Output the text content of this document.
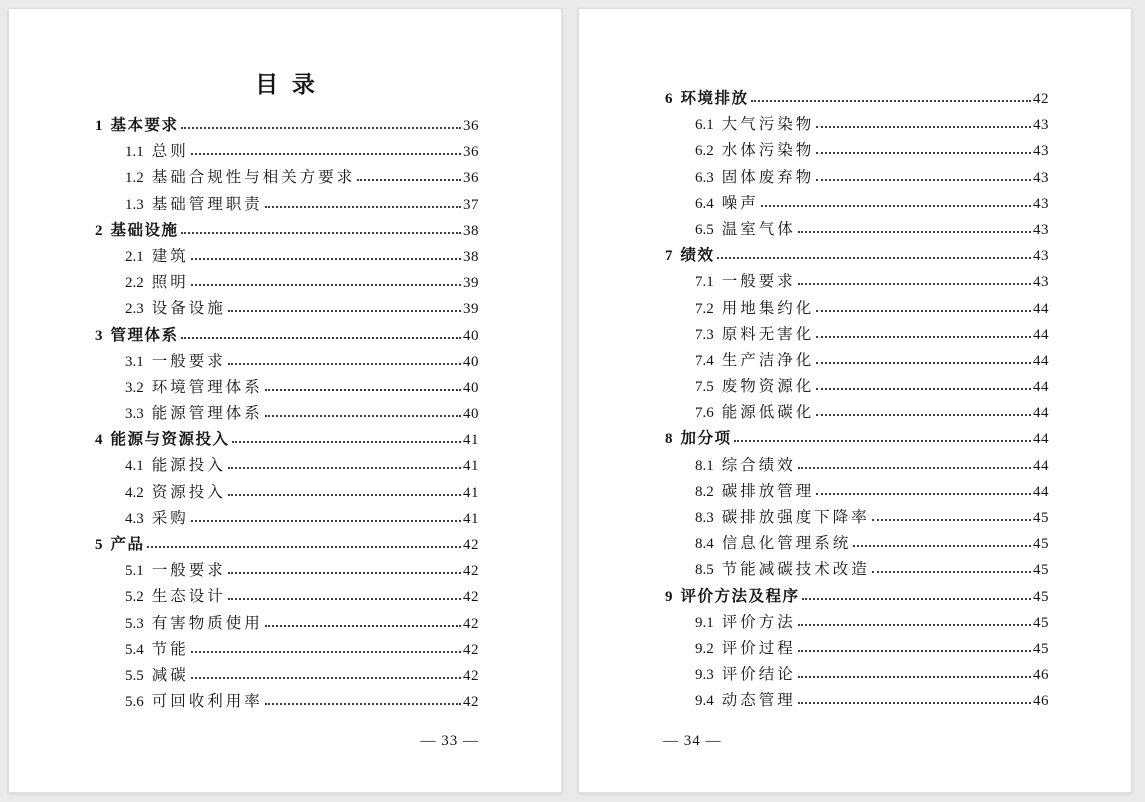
目 录
1 基本要求	36
1.1 总则	36
1.2 基础合规性与相关方要求	36
1.3 基础管理职责	37
2 基础设施	38
2.1 建筑	38
2.2 照明	39
2.3 设备设施	39
3 管理体系	40
3.1 一般要求	40
3.2 环境管理体系	40
3.3 能源管理体系	40
4 能源与资源投入	41
4.1 能源投入	41
4.2 资源投入	41
4.3 采购	41
5 产品	42
5.1 一般要求	42
5.2 生态设计	42
5.3 有害物质使用	42
5.4 节能	42
5.5 减碳	42
5.6 可回收利用率	42
— 33 —
6 环境排放	42
6.1 大气污染物	43
6.2 水体污染物	43
6.3 固体废弃物	43
6.4 噪声	43
6.5 温室气体	43
7 绩效	43
7.1 一般要求	43
7.2 用地集约化	44
7.3 原料无害化	44
7.4 生产洁净化	44
7.5 废物资源化	44
7.6 能源低碳化	44
8 加分项	44
8.1 综合绩效	44
8.2 碳排放管理	44
8.3 碳排放强度下降率	45
8.4 信息化管理系统	45
8.5 节能减碳技术改造	45
9 评价方法及程序	45
9.1 评价方法	45
9.2 评价过程	45
9.3 评价结论	46
9.4 动态管理	46
— 34 —
